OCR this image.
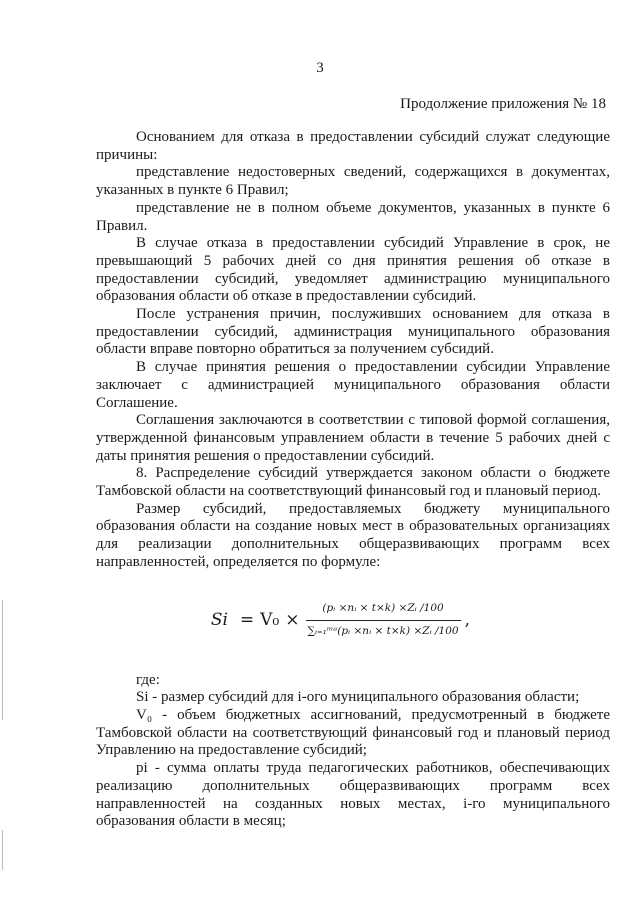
3
Продолжение приложения № 18

Основанием для отказа в предоставлении субсидий служат следующие причины:

представление недостоверных сведений, содержащихся в документах, указанных в пункте 6 Правил;

представление не в полном объеме документов, указанных в пункте 6 Правил.

В случае отказа в предоставлении субсидий Управление в срок, не превышающий 5 рабочих дней со дня принятия решения об отказе в предоставлении субсидий, уведомляет администрацию муниципального образования области об отказе в предоставлении субсидий.

После устранения причин, послуживших основанием для отказа в предоставлении субсидий, администрация муниципального образования области вправе повторно обратиться за получением субсидий.

В случае принятия решения о предоставлении субсидии Управление заключает с администрацией муниципального образования области Соглашение.

Соглашения заключаются в соответствии с типовой формой соглашения, утвержденной финансовым управлением области в течение 5 рабочих дней с даты принятия решения о предоставлении субсидий.

8. Распределение субсидий утверждается законом области о бюджете Тамбовской области на соответствующий финансовый год и плановый период.

Размер субсидий, предоставляемых бюджету муниципального образования области на создание новых мест в образовательных организациях для реализации дополнительных общеразвивающих программ всех направленностей, определяется по формуле:

$Si = V_0 \times \frac{\text{(pᵢ ×nᵢ × t×k) ×Zᵢ /100}}{\text{∑ᵢ₌₁ᵐᵃ(pᵢ ×nᵢ × t×k) ×Zᵢ /100}}$ ,

где:

Si - размер субсидий для i-ого муниципального образования области;

V₀ - объем бюджетных ассигнований, предусмотренный в бюджете Тамбовской области на соответствующий финансовый год и плановый период Управлению на предоставление субсидий;

pi - сумма оплаты труда педагогических работников, обеспечивающих реализацию дополнительных общеразвивающих программ всех направленностей на созданных новых местах, i-го муниципального образования области в месяц;
